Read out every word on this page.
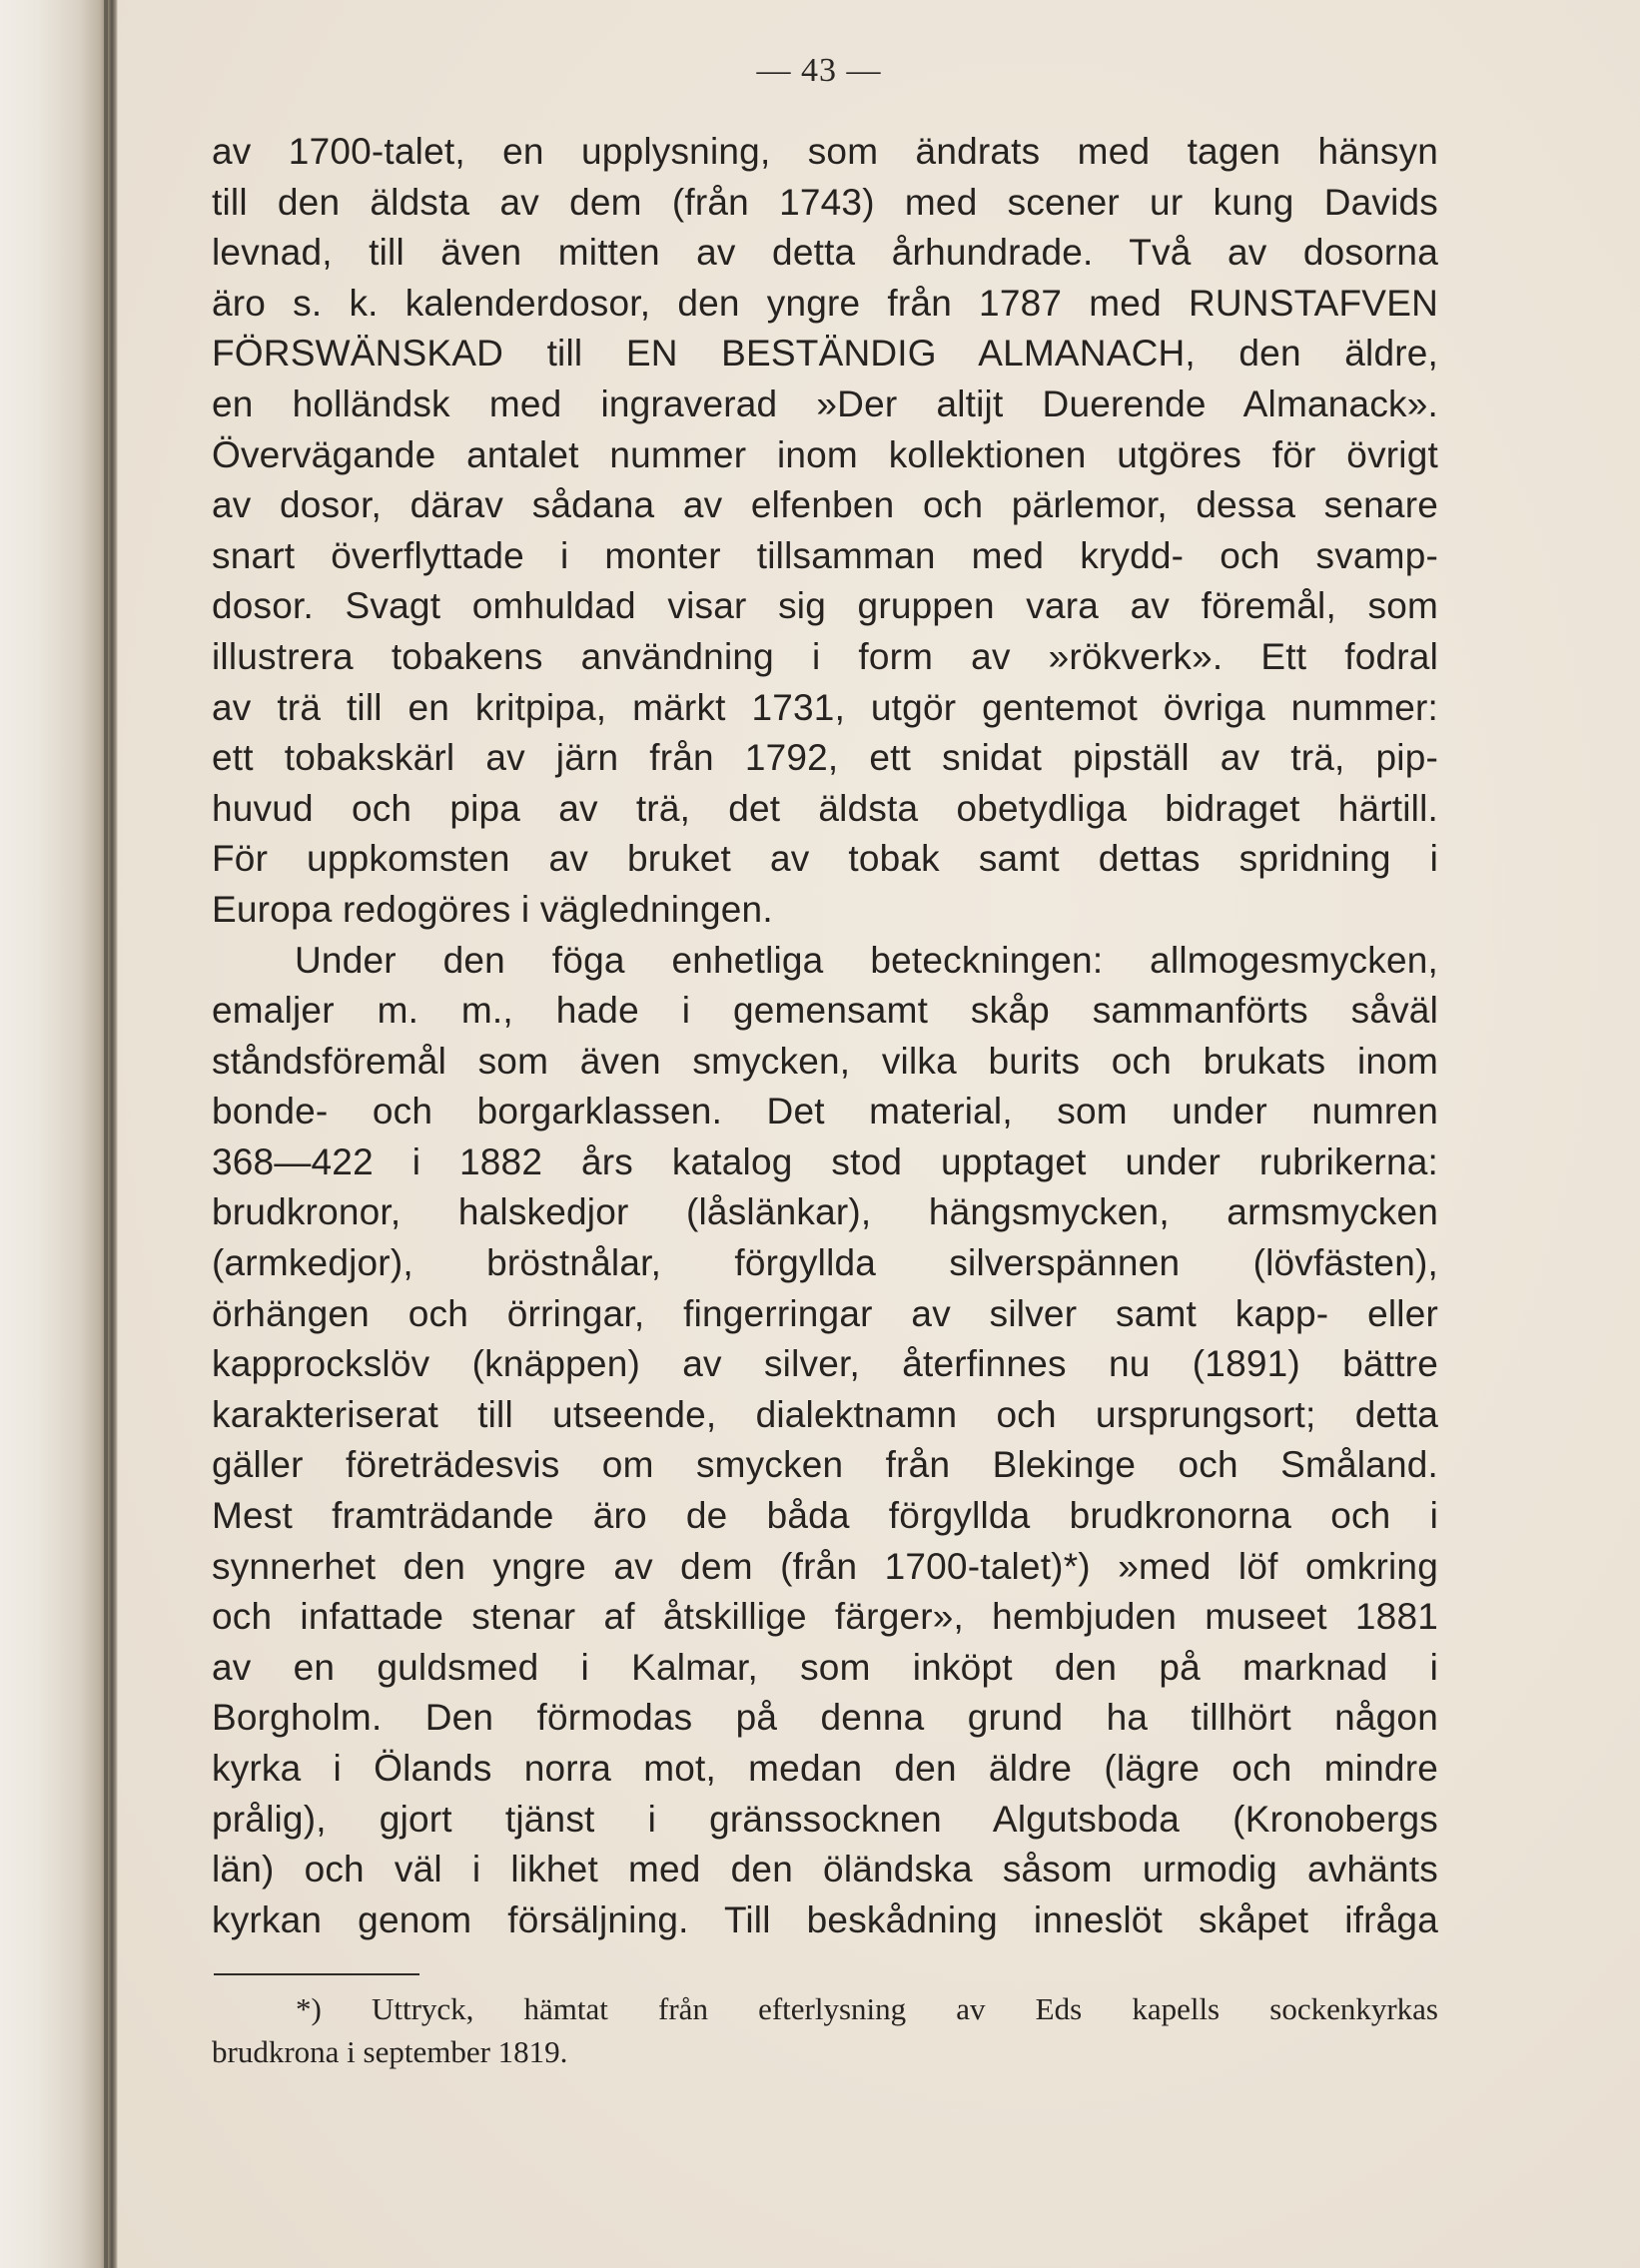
— 43 —
av 1700-talet, en upplysning, som ändrats med tagen hänsyn
till den äldsta av dem (från 1743) med scener ur kung Davids
levnad, till även mitten av detta århundrade. Två av dosorna
äro s. k. kalenderdosor, den yngre från 1787 med RUNSTAFVEN
FÖRSWÄNSKAD till EN BESTÄNDIG ALMANACH, den äldre,
en holländsk med ingraverad »Der altijt Duerende Almanack».
Övervägande antalet nummer inom kollektionen utgöres för övrigt
av dosor, därav sådana av elfenben och pärlemor, dessa senare
snart överflyttade i monter tillsamman med krydd- och svamp-
dosor. Svagt omhuldad visar sig gruppen vara av föremål, som
illustrera tobakens användning i form av »rökverk». Ett fodral
av trä till en kritpipa, märkt 1731, utgör gentemot övriga nummer:
ett tobakskärl av järn från 1792, ett snidat pipställ av trä, pip-
huvud och pipa av trä, det äldsta obetydliga bidraget härtill.
För uppkomsten av bruket av tobak samt dettas spridning i
Europa redogöres i vägledningen.
Under den föga enhetliga beteckningen: allmogesmycken,
emaljer m. m., hade i gemensamt skåp sammanförts såväl
ståndsföremål som även smycken, vilka burits och brukats inom
bonde- och borgarklassen. Det material, som under numren
368—422 i 1882 års katalog stod upptaget under rubrikerna:
brudkronor, halskedjor (låslänkar), hängsmycken, armsmycken
(armkedjor), bröstnålar, förgyllda silverspännen (lövfästen),
örhängen och örringar, fingerringar av silver samt kapp- eller
kapprockslöv (knäppen) av silver, återfinnes nu (1891) bättre
karakteriserat till utseende, dialektnamn och ursprungsort; detta
gäller företrädesvis om smycken från Blekinge och Småland.
Mest framträdande äro de båda förgyllda brudkronorna och i
synnerhet den yngre av dem (från 1700-talet)*) »med löf omkring
och infattade stenar af åtskillige färger», hembjuden museet 1881
av en guldsmed i Kalmar, som inköpt den på marknad i
Borgholm. Den förmodas på denna grund ha tillhört någon
kyrka i Ölands norra mot, medan den äldre (lägre och mindre
prålig), gjort tjänst i gränssocknen Algutsboda (Kronobergs
län) och väl i likhet med den öländska såsom urmodig avhänts
kyrkan genom försäljning. Till beskådning inneslöt skåpet ifråga
*) Uttryck, hämtat från efterlysning av Eds kapells sockenkyrkas
brudkrona i september 1819.
